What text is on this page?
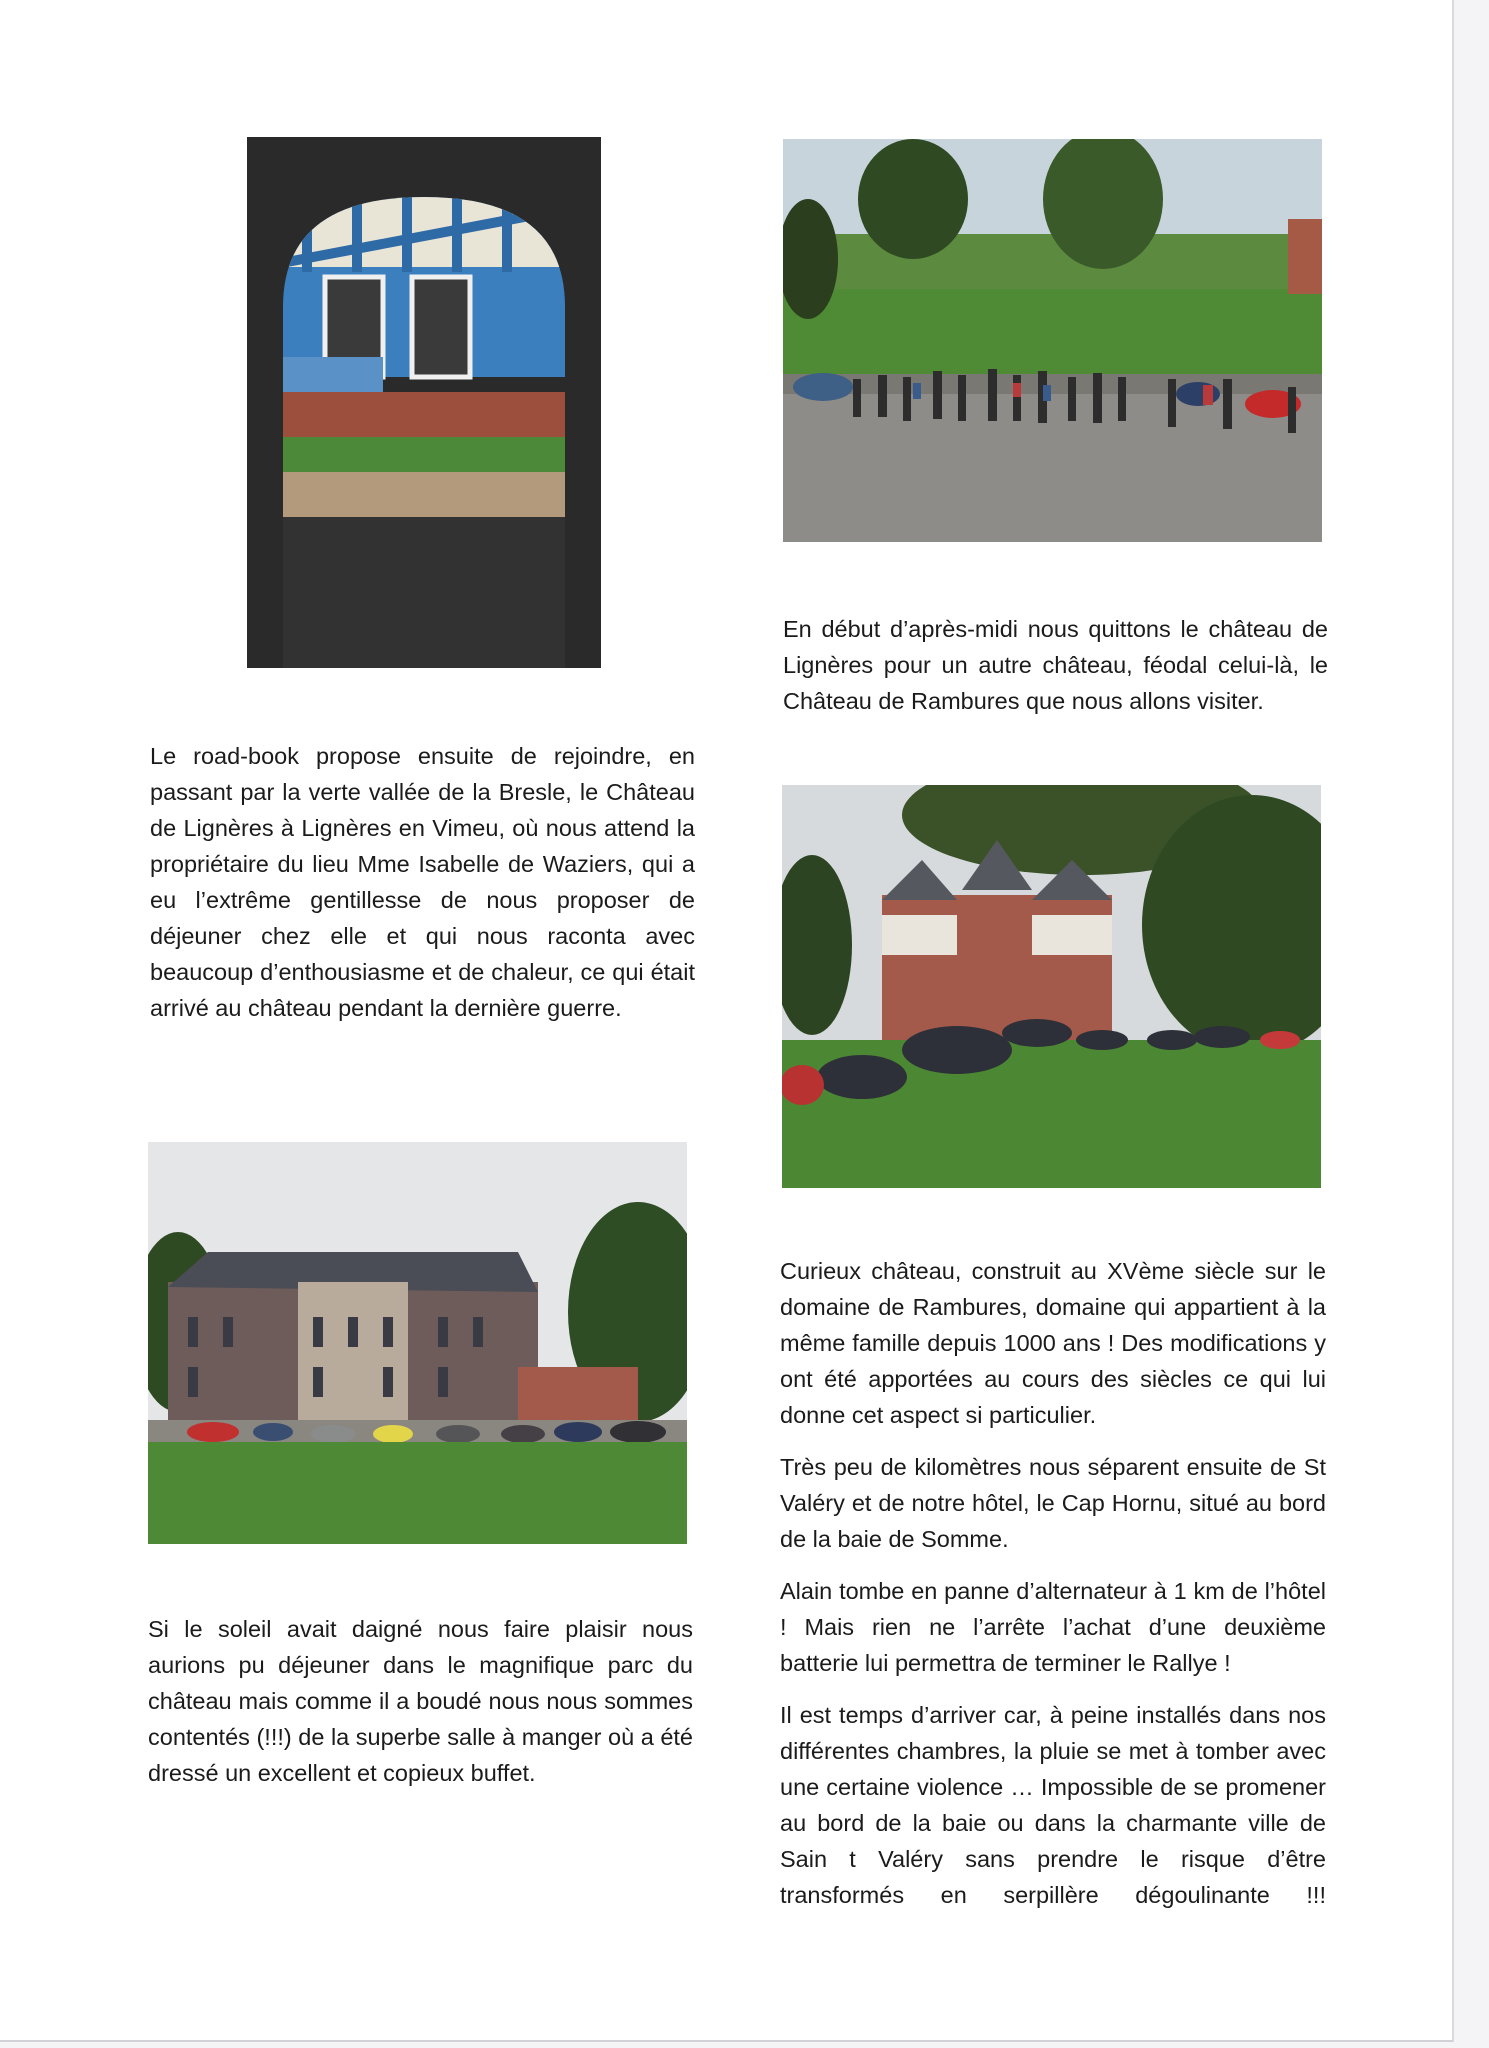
Le road-book propose ensuite de rejoindre, en passant par la verte vallée de la Bresle, le Château de Lignères à Lignères en Vimeu, où nous attend la propriétaire du lieu Mme Isabelle de Waziers, qui a eu l’extrême gentillesse de nous proposer de déjeuner chez elle et qui nous raconta avec beaucoup d’enthousiasme et de chaleur, ce qui était arrivé au château pendant la dernière guerre.

En début d’après-midi nous quittons le château de Lignères pour un autre château, féodal celui-là, le Château de Rambures que nous allons visiter.

Si le soleil avait daigné nous faire plaisir nous aurions pu déjeuner dans le magnifique parc du château mais comme il a boudé nous nous sommes contentés (!!!) de la superbe salle à manger où a été dressé un excellent et copieux buffet.

Curieux château, construit au XVème siècle sur le domaine de Rambures, domaine qui appartient à la même famille depuis 1000 ans ! Des modifications y ont été apportées au cours des siècles ce qui lui donne cet aspect si particulier.

Très peu de kilomètres nous séparent ensuite de St Valéry et de notre hôtel, le Cap Hornu, situé au bord de la baie de Somme.

Alain tombe en panne d’alternateur à 1 km de l’hôtel ! Mais rien ne l’arrête l’achat d’une deuxième batterie lui permettra de terminer le Rallye !

Il est temps d’arriver car, à peine installés dans nos différentes chambres, la pluie se met à tomber avec une certaine violence … Impossible de se promener au bord de la baie ou dans la charmante ville de Sain t Valéry sans prendre le risque d’être transformés en serpillère dégoulinante !!!
